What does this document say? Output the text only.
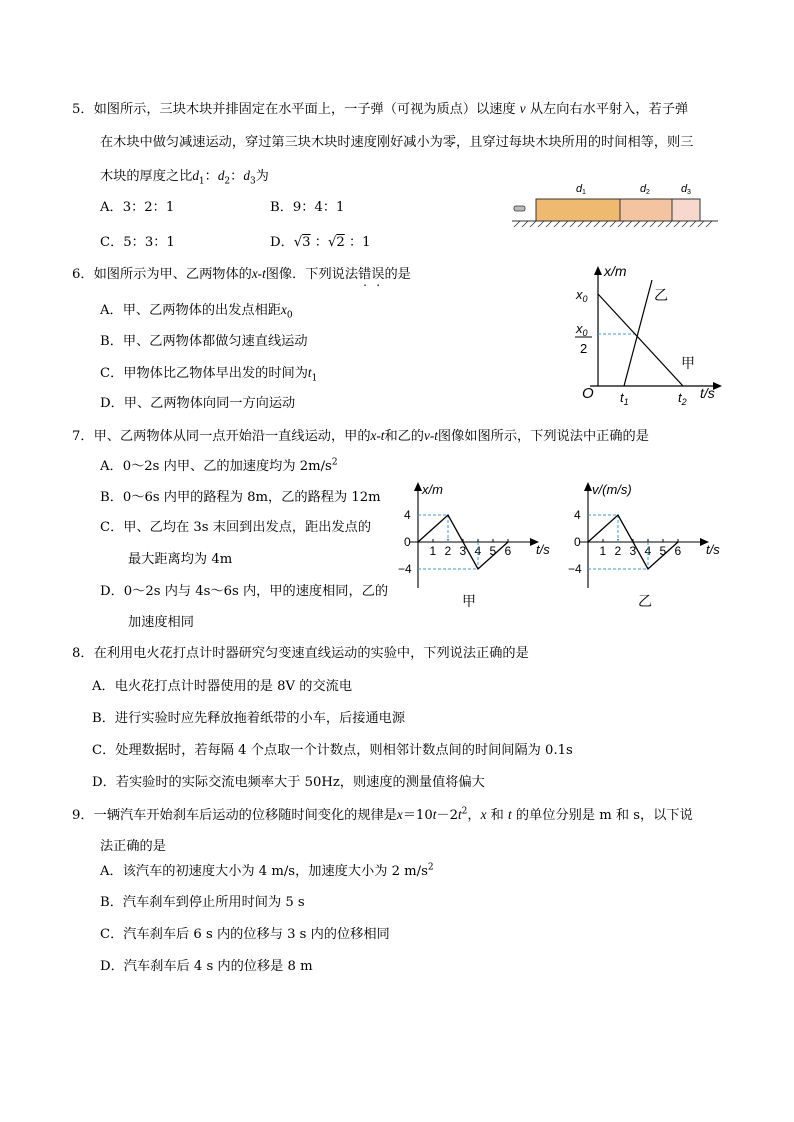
5．如图所示，三块木块并排固定在水平面上，一子弹（可视为质点）以速度 v 从左向右水平射入，若子弹
在木块中做匀减速运动，穿过第三块木块时速度刚好减小为零，且穿过每块木块所用的时间相等，则三
木块的厚度之比$d_1$：$d_2$：$d_3$为
A．3：2：1	B．9：4：1
C．5：3：1	D．√3 ：√2 ：1
d 1	d 2	d 3
6．如图所示为甲、乙两物体的x-t图像．下列说法错误的是
A．甲、乙两物体的出发点相距$x_0$
B．甲、乙两物体都做匀速直线运动
C．甲物体比乙物体早出发的时间为$t_1$
D．甲、乙两物体向同一方向运动
x/m
$x_0$
$x_0$
2
乙
甲
O $t_1$	$t_2$
t/s
7．甲、乙两物体从同一点开始沿一直线运动，甲的x-t和乙的v-t图像如图所示，下列说法中正确的是
A．0～2s 内甲、乙的加速度均为 $2m/s^2$
B．0～6s 内甲的路程为 8m，乙的路程为 12m
C．甲、乙均在 3s 末回到出发点，距出发点的
最大距离均为 4m
D．0～2s 内与 4s～6s 内，甲的速度相同，乙的
加速度相同
x/m
t/s
4
0
−4
1 2 3 4 5 6
甲
v/(m/s)
t/s
4
0
−4
1 2 3 4 5 6
乙
8．在利用电火花打点计时器研究匀变速直线运动的实验中，下列说法正确的是
A．电火花打点计时器使用的是 8V 的交流电
B．进行实验时应先释放拖着纸带的小车，后接通电源
C．处理数据时，若每隔 4 个点取一个计数点，则相邻计数点间的时间间隔为 0.1s
D．若实验时的实际交流电频率大于 50Hz，则速度的测量值将偏大
9．一辆汽车开始刹车后运动的位移随时间变化的规律是$x=10t-2t^2$，x 和 t 的单位分别是 m 和 s，以下说
法正确的是
A．该汽车的初速度大小为 4 m/s，加速度大小为 2 $m/s^2$
B．汽车刹车到停止所用时间为 5 s
C．汽车刹车后 6 s 内的位移与 3 s 内的位移相同
D．汽车刹车后 4 s 内的位移是 8 m
